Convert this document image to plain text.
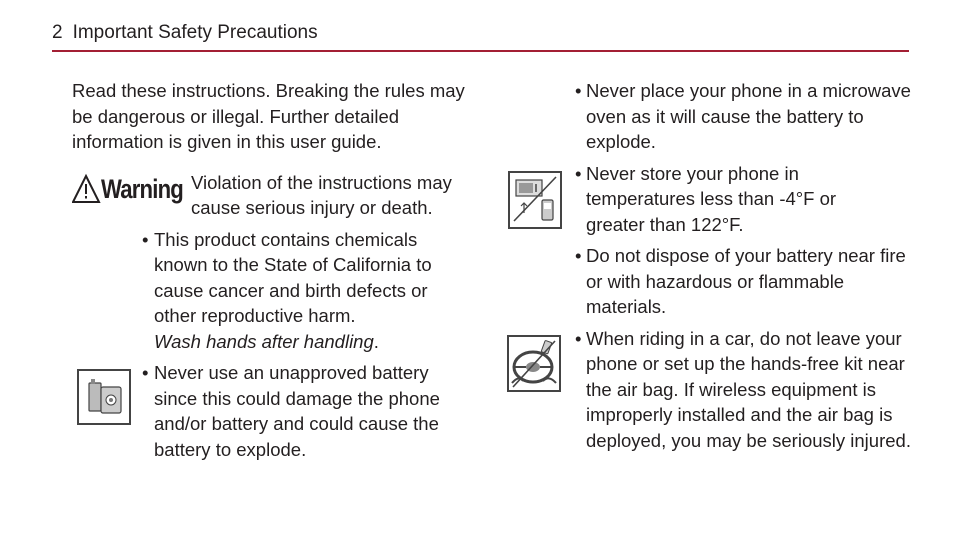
2 Important Safety Precautions

Read these instructions. Breaking the rules may be dangerous or illegal. Further detailed information is given in this user guide.

Warning Violation of the instructions may cause serious injury or death.
• This product contains chemicals known to the State of California to cause cancer and birth defects or other reproductive harm.
Wash hands after handling.
• Never use an unapproved battery since this could damage the phone and/or battery and could cause the battery to explode.
• Never place your phone in a microwave oven as it will cause the battery to explode.
• Never store your phone in temperatures less than -4°F or greater than 122°F.
• Do not dispose of your battery near fire or with hazardous or flammable materials.
• When riding in a car, do not leave your phone or set up the hands-free kit near the air bag. If wireless equipment is improperly installed and the air bag is deployed, you may be seriously injured.
